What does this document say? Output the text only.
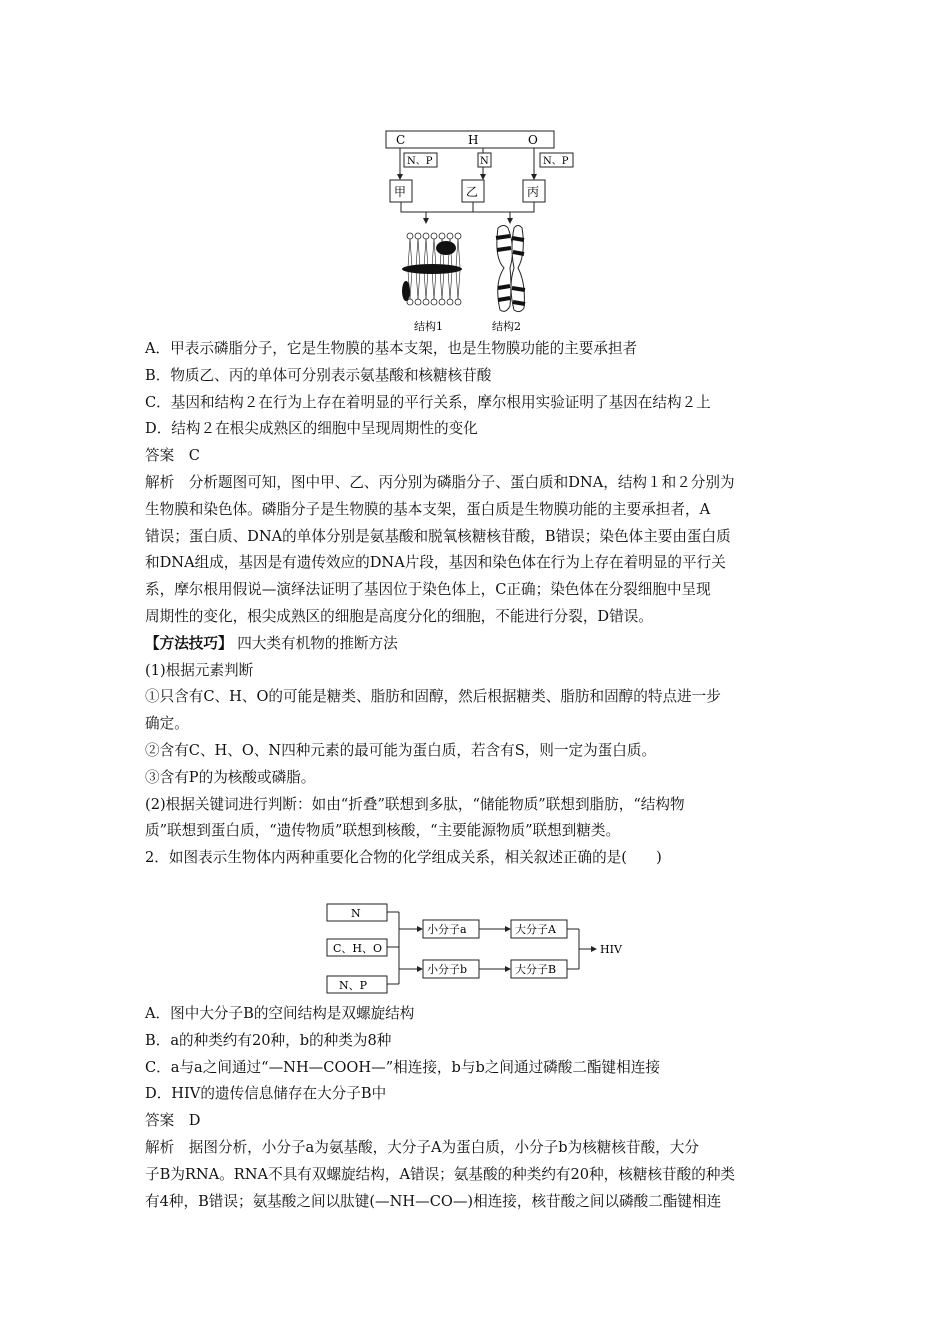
C	H	O
N、P	N	N、P
甲	乙	丙
结构1	结构2

A．甲表示磷脂分子，它是生物膜的基本支架，也是生物膜功能的主要承担者

B．物质乙、丙的单体可分别表示氨基酸和核糖核苷酸

C．基因和结构２在行为上存在着明显的平行关系，摩尔根用实验证明了基因在结构２上

D．结构２在根尖成熟区的细胞中呈现周期性的变化

答案　C

解析　分析题图可知，图中甲、乙、丙分别为磷脂分子、蛋白质和DNA，结构１和２分别为

生物膜和染色体。磷脂分子是生物膜的基本支架，蛋白质是生物膜功能的主要承担者，A

错误；蛋白质、DNA的单体分别是氨基酸和脱氧核糖核苷酸，B错误；染色体主要由蛋白质

和DNA组成，基因是有遗传效应的DNA片段，基因和染色体在行为上存在着明显的平行关

系，摩尔根用假说—演绎法证明了基因位于染色体上，C正确；染色体在分裂细胞中呈现

周期性的变化，根尖成熟区的细胞是高度分化的细胞，不能进行分裂，D错误。

【方法技巧】 四大类有机物的推断方法

(1)根据元素判断

①只含有C、H、O的可能是糖类、脂肪和固醇，然后根据糖类、脂肪和固醇的特点进一步

确定。

②含有C、H、O、N四种元素的最可能为蛋白质，若含有S，则一定为蛋白质。

③含有P的为核酸或磷脂。

(2)根据关键词进行判断：如由“折叠”联想到多肽，“储能物质”联想到脂肪，“结构物

质”联想到蛋白质，“遗传物质”联想到核酸，“主要能源物质”联想到糖类。

2．如图表示生物体内两种重要化合物的化学组成关系，相关叙述正确的是(　　)

N
C、H、O
N、P
小分子a
小分子b
大分子A
大分子B
HIV

A．图中大分子B的空间结构是双螺旋结构

B．a的种类约有20种，b的种类为8种

C．a与a之间通过“—NH—COOH—”相连接，b与b之间通过磷酸二酯键相连接

D．HIV的遗传信息储存在大分子B中

答案　D

解析　据图分析，小分子a为氨基酸，大分子A为蛋白质，小分子b为核糖核苷酸，大分

子B为RNA。RNA不具有双螺旋结构，A错误；氨基酸的种类约有20种，核糖核苷酸的种类

有4种，B错误；氨基酸之间以肽键(—NH—CO—)相连接，核苷酸之间以磷酸二酯键相连
